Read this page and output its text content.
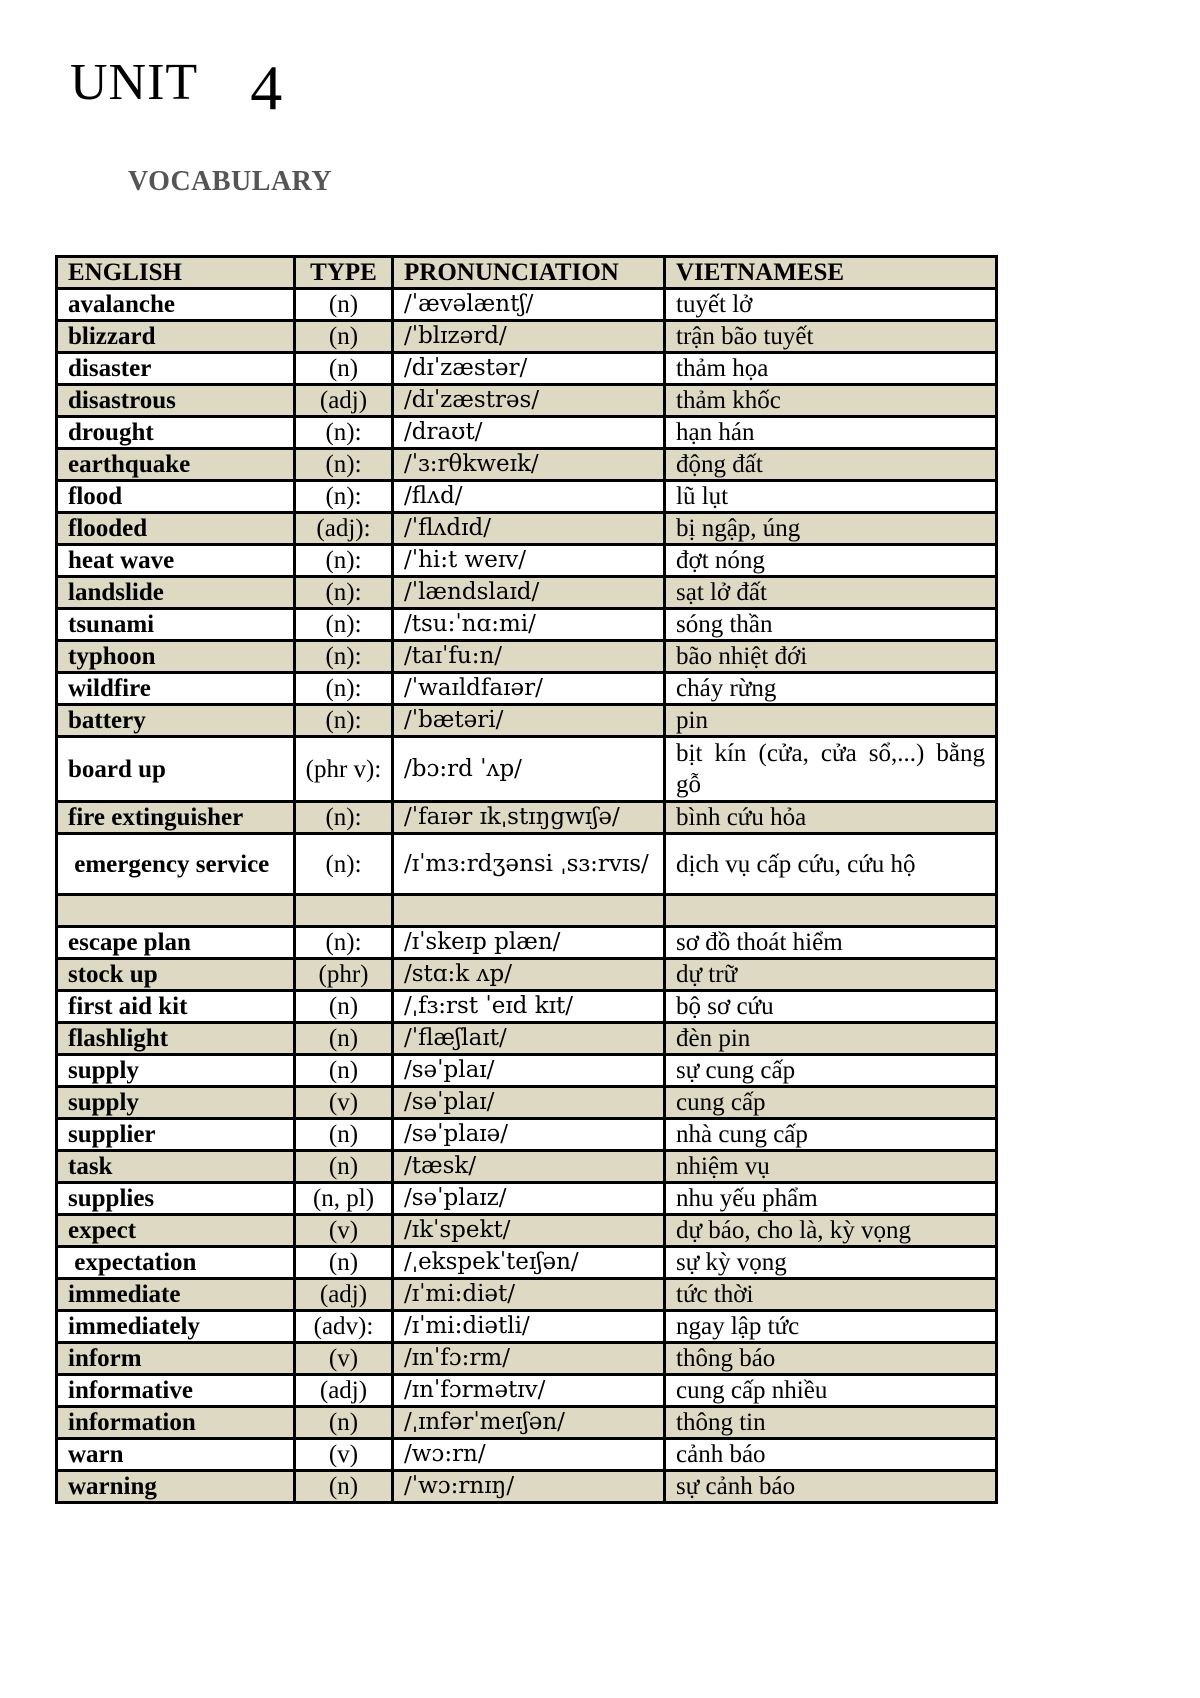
UNIT 4
VOCABULARY
ENGLISH	TYPE	PRONUNCIATION	VIETNAMESE
avalanche	(n)	/ˈævəlæntʃ/	tuyết lở
blizzard	(n)	/ˈblɪzərd/	trận bão tuyết
disaster	(n)	/dɪˈzæstər/	thảm họa
disastrous	(adj)	/dɪˈzæstrəs/	thảm khốc
drought	(n):	/draʊt/	hạn hán
earthquake	(n):	/ˈɜ:rθkweɪk/	động đất
flood	(n):	/flʌd/	lũ lụt
flooded	(adj):	/ˈflʌdɪd/	bị ngập, úng
heat wave	(n):	/ˈhi:t weɪv/	đợt nóng
landslide	(n):	/ˈlændslaɪd/	sạt lở đất
tsunami	(n):	/tsu:ˈnɑ:mi/	sóng thần
typhoon	(n):	/taɪˈfu:n/	bão nhiệt đới
wildfire	(n):	/ˈwaɪldfaɪər/	cháy rừng
battery	(n):	/ˈbætəri/	pin
board up	(phr v):	/bɔ:rd ˈʌp/	bịt kín (cửa, cửa sổ,...) bằng gỗ
fire extinguisher	(n):	/ˈfaɪər ɪkˌstɪŋgwɪʃə/	bình cứu hỏa
emergency service	(n):	/ɪˈmɜ:rdʒənsi ˌsɜ:rvɪs/	dịch vụ cấp cứu, cứu hộ

escape plan	(n):	/ɪˈskeɪp plæn/	sơ đồ thoát hiểm
stock up	(phr)	/stɑ:k ʌp/	dự trữ
first aid kit	(n)	/ˌfɜ:rst ˈeɪd kɪt/	bộ sơ cứu
flashlight	(n)	/ˈflæʃlaɪt/	đèn pin
supply	(n)	/səˈplaɪ/	sự cung cấp
supply	(v)	/səˈplaɪ/	cung cấp
supplier	(n)	/səˈplaɪə/	nhà cung cấp
task	(n)	/tæsk/	nhiệm vụ
supplies	(n, pl)	/səˈplaɪz/	nhu yếu phẩm
expect	(v)	/ɪkˈspekt/	dự báo, cho là, kỳ vọng
expectation	(n)	/ˌekspekˈteɪʃən/	sự kỳ vọng
immediate	(adj)	/ɪˈmi:diət/	tức thời
immediately	(adv):	/ɪˈmi:diətli/	ngay lập tức
inform	(v)	/ɪnˈfɔ:rm/	thông báo
informative	(adj)	/ɪnˈfɔrmətɪv/	cung cấp nhiều
information	(n)	/ˌɪnfərˈmeɪʃən/	thông tin
warn	(v)	/wɔ:rn/	cảnh báo
warning	(n)	/ˈwɔ:rnɪŋ/	sự cảnh báo
